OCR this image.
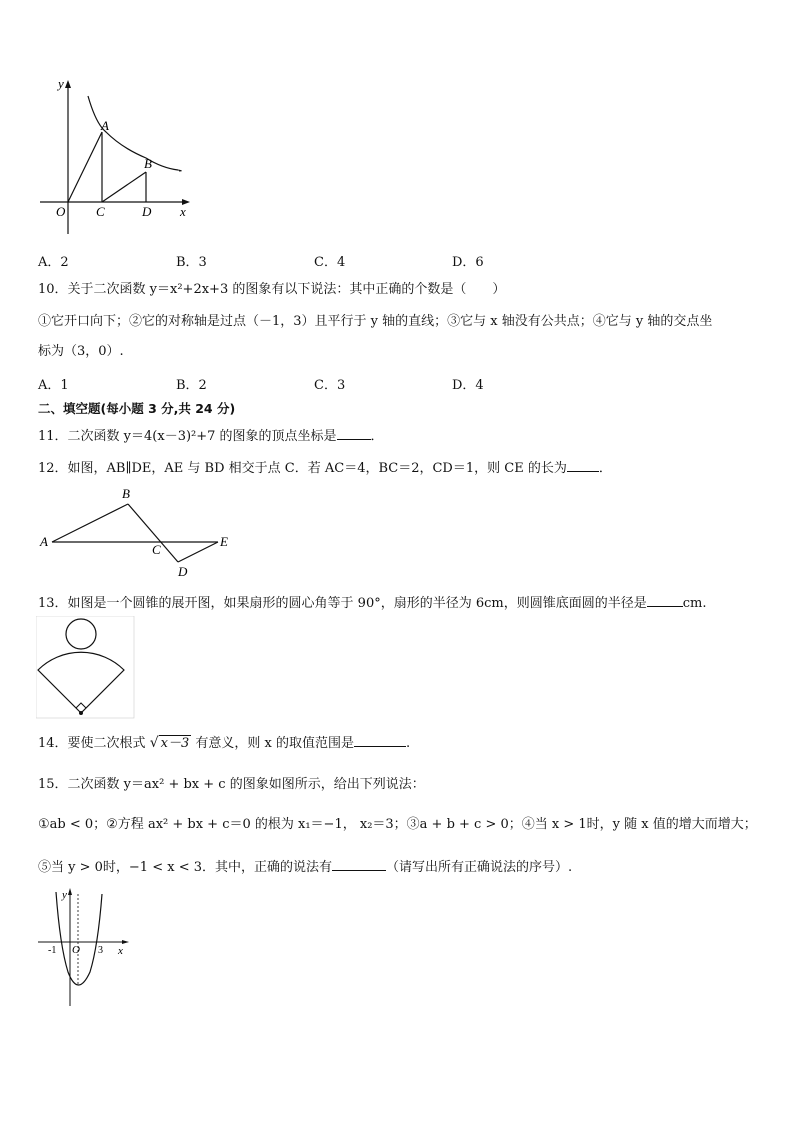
y
x
O
A
B
C	D
A．2	B．3	C．4	D．6
10．关于二次函数 y＝x²+2x+3 的图象有以下说法：其中正确的个数是（　　）
①它开口向下；②它的对称轴是过点（－1，3）且平行于 y 轴的直线；③它与 x 轴没有公共点；④它与 y 轴的交点坐
标为（3，0）.
A．1	B．2	C．3	D．4
二、填空题(每小题 3 分,共 24 分)
11．二次函数 y＝4(x－3)²+7 的图象的顶点坐标是	．
12．如图，AB∥DE，AE 与 BD 相交于点 C．若 AC＝4，BC＝2，CD＝1，则 CE 的长为 ．
A
B
C
D
E
13．如图是一个圆锥的展开图，如果扇形的圆心角等于 90°，扇形的半径为 6cm，则圆锥底面圆的半径是	cm.
14．要使二次根式 √ x－3 有意义，则 x 的取值范围是	.
15．二次函数 y＝ax² + bx + c 的图象如图所示，给出下列说法：
①ab < 0；②方程 ax² + bx + c＝0 的根为 x₁＝−1， x₂＝3；③a + b + c > 0；④当 x > 1时，y 随 x 值的增大而增大；
⑤当 y > 0时，−1 < x < 3．其中，正确的说法有	（请写出所有正确说法的序号）.
y
x
O
-1	3
